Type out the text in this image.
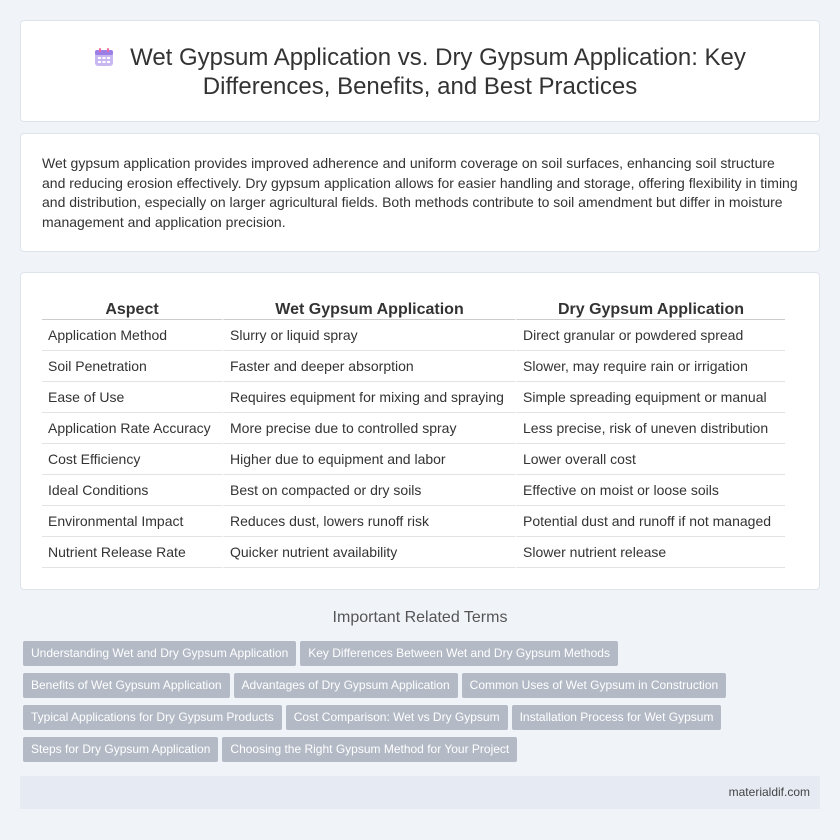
Wet Gypsum Application vs. Dry Gypsum Application: Key
Differences, Benefits, and Best Practices

Wet gypsum application provides improved adherence and uniform coverage on soil surfaces, enhancing soil structure and reducing erosion effectively. Dry gypsum application allows for easier handling and storage, offering flexibility in timing and distribution, especially on larger agricultural fields. Both methods contribute to soil amendment but differ in moisture management and application precision.

Aspect	Wet Gypsum Application	Dry Gypsum Application
Application Method	Slurry or liquid spray	Direct granular or powdered spread
Soil Penetration	Faster and deeper absorption	Slower, may require rain or irrigation
Ease of Use	Requires equipment for mixing and spraying	Simple spreading equipment or manual
Application Rate Accuracy	More precise due to controlled spray	Less precise, risk of uneven distribution
Cost Efficiency	Higher due to equipment and labor	Lower overall cost
Ideal Conditions	Best on compacted or dry soils	Effective on moist or loose soils
Environmental Impact	Reduces dust, lowers runoff risk	Potential dust and runoff if not managed
Nutrient Release Rate	Quicker nutrient availability	Slower nutrient release
Important Related Terms
Understanding Wet and Dry Gypsum Application Key Differences Between Wet and Dry Gypsum Methods
Benefits of Wet Gypsum Application Advantages of Dry Gypsum Application Common Uses of Wet Gypsum in Construction
Typical Applications for Dry Gypsum Products Cost Comparison: Wet vs Dry Gypsum Installation Process for Wet Gypsum
Steps for Dry Gypsum Application Choosing the Right Gypsum Method for Your Project
materialdif.com
